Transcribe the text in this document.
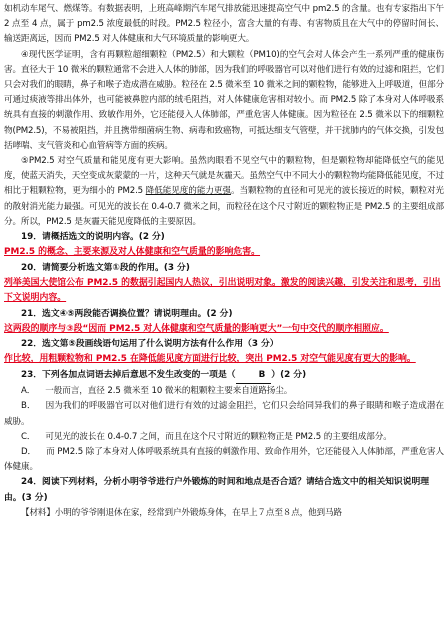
如机动车尾气、燃煤等。有数据表明，上班高峰期汽车尾气排放能迅速提高空气中 pm2.5 的含量。也有专家指出下午 2 点至 4 点，属于 pm2.5 浓度最低的时段。PM2.5 粒径小，富含大量的有毒、有害物质且在大气中的停留时间长、输送距离远，因而 PM2.5 对人体健康和大气环境质量的影响更大。

④现代医学证明，含有再颗粒超细颗粒（PM2.5）和大颗粒（PM10)的空气会对人体会产生一系列严重的健康伤害。直径大于 10 微米的颗粒通常不会进入人体的肺部，因为我们的呼吸器官可以对他们进行有效的过滤和阻拦，它们只会对我们的眼睛，鼻子和喉子造成潜在威胁。粒径在 2.5 微米至 10 微米之间的颗粒物，能够进入上呼吸道，但部分可通过痰液等排出体外，也可能被鼻腔内部的绒毛阻挡，对人体健康危害相对较小。而 PM2.5 除了本身对人体呼吸系统具有直接的刺激作用、致敏作用外，它还能侵入人体肺部，严重危害人体健康。因为粒径在 2.5 微米以下的细颗粒物(PM2.5)，不易被阻挡，并且携带细菌病生物、病毒和致癌物，可抵达细支气管壁，并干扰肺内的气体交换，引发包括哮喘、支气管炎和心血管病等方面的疾病。

⑤PM2.5 对空气质量和能见度有更大影响。虽然肉眼看不见空气中的颗粒物，但是颗粒物却能降低空气的能见度，使蓝天消失，天空变成灰蒙蒙的一片，这种天气就是灰霾天。虽然空气中不同大小的颗粒物均能降低能见度，不过相比于粗颗粒物，更为细小的 PM2.5 降低能见度的能力更强。当颗粒物的直径和可见光的波长接近的时候，颗粒对光的散射消光能力最强。可见光的波长在 0.4-0.7 微米之间，而粒径在这个尺寸附近的颗粒物正是 PM2.5 的主要组成部分。所以，PM2.5 是灰霾天能见度降低的主要原因。

19．请概括选文的说明内容。(2 分)

PM2.5 的概念、主要来源及对人体健康和空气质量的影响危害。

20．请简要分析选文第①段的作用。(3 分)

列举美国大使馆公布 PM2.5 的数据引起国内人热议，引出说明对象。激发的阅读兴趣，引发关注和思考，引出下文说明内容。

21．选文④⑤两段能否调换位置？请说明理由。(2 分)

这两段的顺序与③段“因而 PM2.5 对人体健康和空气质量的影响更大”一句中交代的顺序相照应。

22．选文第⑤段画线语句运用了什么说明方法有什么作用（3 分）

作比较，用粗颗粒物和 PM2.5 在降低能见度方面进行比较，突出 PM2.5 对空气能见度有更大的影响。

23．下列各加点词语去掉后意思不发生改变的一项是（	B ）(2 分)

A． 一般而言，直径 2.5 微米至 10 微米的粗颗粒主要来自道路扬尘。

B． 因为我们的呼吸器官可以对他们进行有效的过滤金阻拦，它们只会给同异我们的鼻子眼睛和喉子造成潜在威胁。

C． 可见光的波长在 0.4-0.7 之间，而且在这个尺寸附近的颗粒物正是 PM2.5 的主要组成部分。

D． 而 PM2.5 除了本身对人体呼吸系统具有直接的刺激作用、致命作用外，它还能侵入人体肺部，严重危害人体健康。

24．阅读下列材料，分析小明爷爷进行户外锻炼的时间和地点是否合适？请结合选文中的相关知识说明理由。(3 分)

【材料】小明的爷爷刚退休在家，经常到户外锻炼身体，在早上７点至８点，他到马路
